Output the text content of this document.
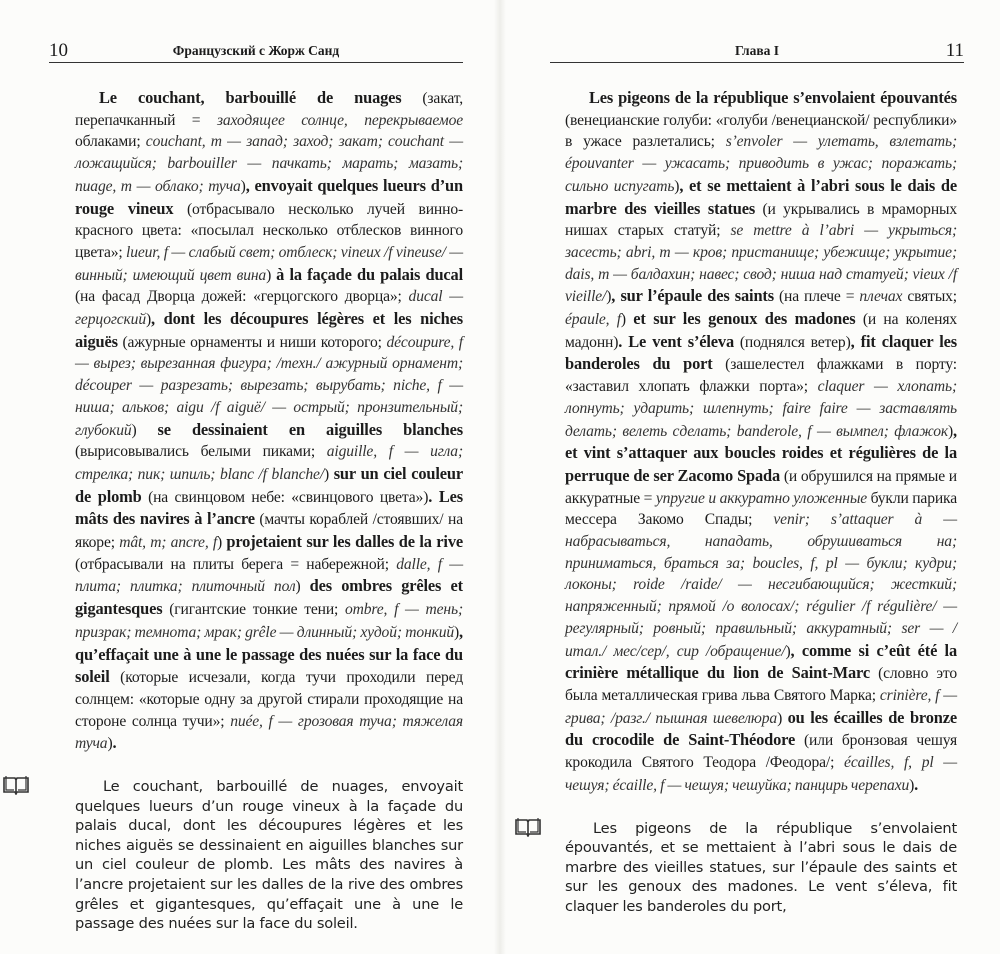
10	Французский с Жорж Санд

Le couchant, barbouillé de nuages (закат, перепачканный = заходящее солнце, перекрываемое облаками; couchant, m — запад; заход; закат; couchant — ложащийся; barbouiller — пачкать; марать; мазать; nuage, m — облако; туча), envoyait quelques lueurs d’un rouge vineux (отбрасывало несколько лучей винно-красного цвета: «посылал несколько отблесков винного цвета»; lueur, f — слабый свет; отблеск; vineux /f vineuse/ — винный; имеющий цвет вина) à la façade du palais ducal (на фасад Дворца дожей: «герцогского дворца»; ducal — герцогский), dont les découpures légères et les niches aiguës (ажурные орнаменты и ниши которого; découpure, f — вырез; вырезанная фигура; /техн./ ажурный орнамент; découper — разрезать; вырезать; вырубать; niche, f — ниша; альков; aigu /f aiguë/ — острый; пронзительный; глубокий) se dessinaient en aiguilles blanches (вырисовывались белыми пиками; aiguille, f — игла; стрелка; пик; шпиль; blanc /f blanche/) sur un ciel couleur de plomb (на свинцовом небе: «свинцового цвета»). Les mâts des navires à l’ancre (мачты кораблей /стоявших/ на якоре; mât, m; ancre, f) projetaient sur les dalles de la rive (отбрасывали на плиты берега = набережной; dalle, f — плита; плитка; плиточный пол) des ombres grêles et gigantesques (гигантские тонкие тени; ombre, f — тень; призрак; темнота; мрак; grêle — длинный; худой; тонкий), qu’effaçait une à une le passage des nuées sur la face du soleil (которые исчезали, когда тучи проходили перед солнцем: «которые одну за другой стирали проходящие на стороне солнца тучи»; nuée, f — грозовая туча; тяжелая туча).

Le couchant, barbouillé de nuages, envoyait quelques lueurs d’un rouge vineux à la façade du palais ducal, dont les découpures légères et les niches aiguës se dessinaient en aiguilles blanches sur un ciel couleur de plomb. Les mâts des navires à l’ancre projetaient sur les dalles de la rive des ombres grêles et gigantesques, qu’effaçait une à une le passage des nuées sur la face du soleil.

Глава I	11

Les pigeons de la république s’envolaient épouvantés (венецианские голуби: «голуби /венецианской/ республики» в ужасе разлетались; s’envoler — улетать, взлетать; épouvanter — ужасать; приводить в ужас; поражать; сильно испугать), et se mettaient à l’abri sous le dais de marbre des vieilles statues (и укрывались в мраморных нишах старых статуй; se mettre à l’abri — укрыться; засесть; abri, m — кров; пристанище; убежище; укрытие; dais, m — балдахин; навес; свод; ниша над статуей; vieux /f vieille/), sur l’épaule des saints (на плече = плечах святых; épaule, f) et sur les genoux des madones (и на коленях мадонн). Le vent s’éleva (поднялся ветер), fit claquer les banderoles du port (зашелестел флажками в порту: «заставил хлопать флажки порта»; claquer — хлопать; лопнуть; ударить; шлепнуть; faire faire — заставлять делать; велеть сделать; banderole, f — вымпел; флажок), et vint s’attaquer aux boucles roides et régulières de la perruque de ser Zacomo Spada (и обрушился на прямые и аккуратные = упругие и аккуратно уложенные букли парика мессера Закомо Спады; venir; s’attaquer à — набрасываться, нападать, обрушиваться на; приниматься, браться за; boucles, f, pl — букли; кудри; локоны; roide /raide/ — несгибающийся; жесткий; напряженный; прямой /о волосах/; régulier /f régulière/ — регулярный; ровный; правильный; аккуратный; ser — /итал./ мес/сер/, сир /обращение/), comme si c’eût été la crinière métallique du lion de Saint-Marc (словно это была металлическая грива льва Святого Марка; crinière, f — грива; /разг./ пышная шевелюра) ou les écailles de bronze du crocodile de Saint-Théodore (или бронзовая чешуя крокодила Святого Теодора /Феодора/; écailles, f, pl — чешуя; écaille, f — чешуя; чешуйка; панцирь черепахи).

Les pigeons de la république s’envolaient épouvantés, et se mettaient à l’abri sous le dais de marbre des vieilles statues, sur l’épaule des saints et sur les genoux des madones. Le vent s’éleva, fit claquer les banderoles du port,
